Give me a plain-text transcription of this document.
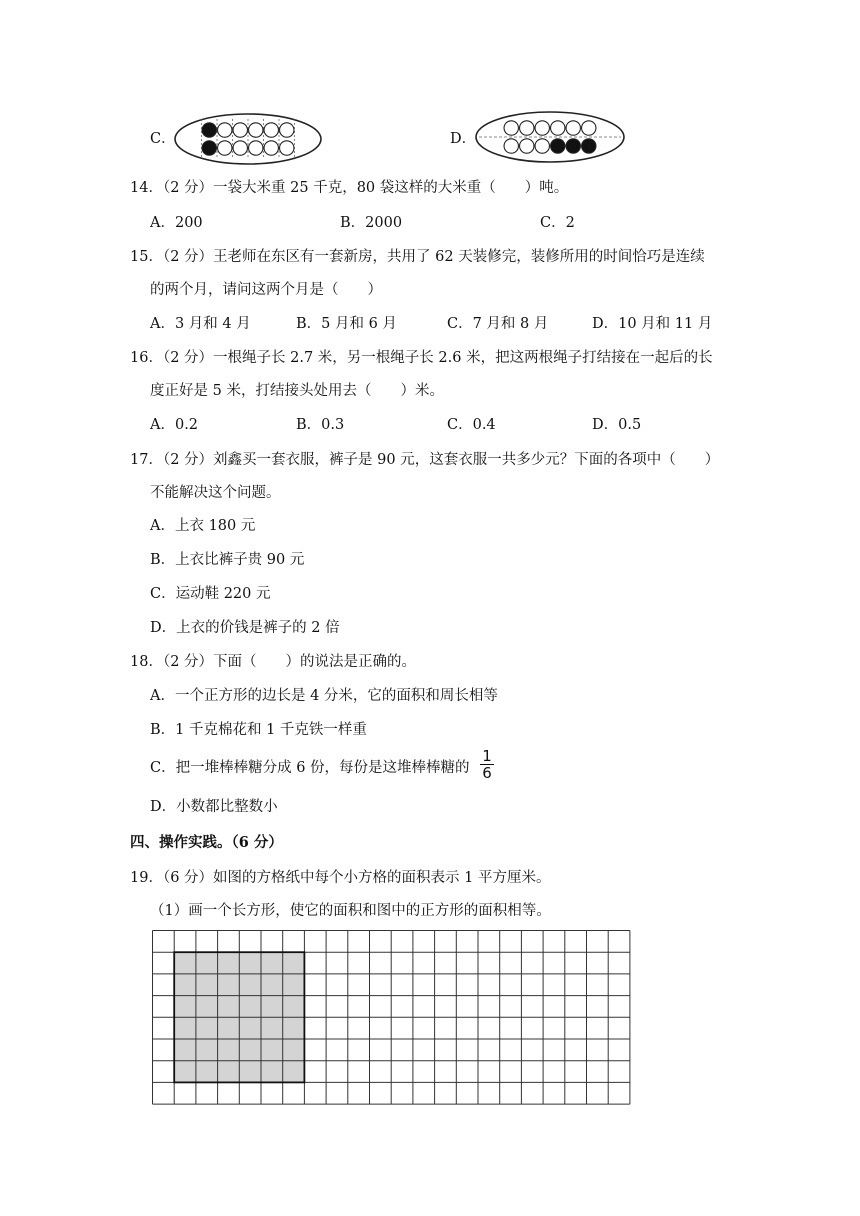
C．	D．
14．（2 分）一袋大米重 25 千克，80 袋这样的大米重（　　）吨。
A．200	B．2000	C．2
15．（2 分）王老师在东区有一套新房，共用了 62 天装修完，装修所用的时间恰巧是连续
的两个月，请问这两个月是（　　）
A．3 月和 4 月	B．5 月和 6 月	C．7 月和 8 月	D．10 月和 11 月
16．（2 分）一根绳子长 2.7 米，另一根绳子长 2.6 米，把这两根绳子打结接在一起后的长
度正好是 5 米，打结接头处用去（　　）米。
A．0.2	B．0.3	C．0.4	D．0.5
17．（2 分）刘鑫买一套衣服，裤子是 90 元，这套衣服一共多少元？下面的各项中（　　）
不能解决这个问题。
A．上衣 180 元
B．上衣比裤子贵 90 元
C．运动鞋 220 元
D．上衣的价钱是裤子的 2 倍
18．（2 分）下面（　　）的说法是正确的。
A．一个正方形的边长是 4 分米，它的面积和周长相等
B．1 千克棉花和 1 千克铁一样重
C．把一堆棒棒糖分成 6 份，每份是这堆棒棒糖的
1
6
D．小数都比整数小
四、操作实践。（6 分）
19．（6 分）如图的方格纸中每个小方格的面积表示 1 平方厘米。
（1）画一个长方形，使它的面积和图中的正方形的面积相等。
